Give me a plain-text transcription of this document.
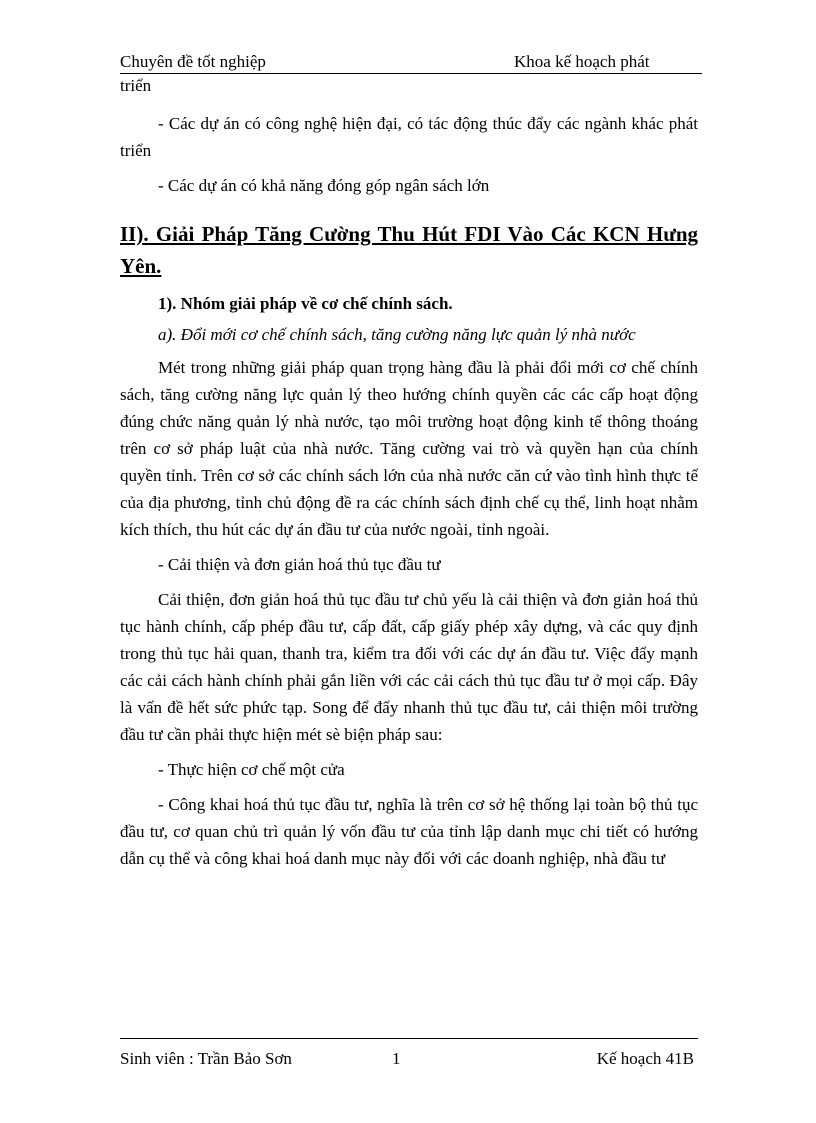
Chuyên đề tốt nghiệp	Khoa kế hoạch phát
triển
- Các dự án có công nghệ hiện đại, có tác động thúc đẩy các ngành khác phát triển
- Các dự án có khả năng đóng góp ngân sách lớn
II). Giải Pháp Tăng Cường Thu Hút FDI Vào Các KCN Hưng Yên.
1). Nhóm giải pháp về cơ chế chính sách.
a). Đổi mới cơ chế chính sách, tăng cường năng lực quản lý nhà nước
Mét trong những giải pháp quan trọng hàng đầu là phải đổi mới cơ chế chính sách, tăng cường năng lực quản lý theo hướng chính quyền các các cấp hoạt động đúng chức năng quản lý nhà nước, tạo môi trường hoạt động kinh tế thông thoáng trên cơ sở pháp luật của nhà nước. Tăng cường vai trò và quyền hạn của chính quyền tỉnh. Trên cơ sở các chính sách lớn của nhà nước căn cứ vào tình hình thực tế của địa phương, tỉnh chủ động đề ra các chính sách định chế cụ thể, linh hoạt nhằm kích thích, thu hút các dự án đầu tư của nước ngoài, tỉnh ngoài.
- Cải thiện và đơn giản hoá thủ tục đầu tư
Cải thiện, đơn giản hoá thủ tục đầu tư chủ yếu là cải thiện và đơn giản hoá thủ tục hành chính, cấp phép đầu tư, cấp đất, cấp giấy phép xây dựng, và các quy định trong thủ tục hải quan, thanh tra, kiểm tra đối với các dự án đầu tư. Việc đẩy mạnh các cải cách hành chính phải gắn liền với các cải cách thủ tục đầu tư ở mọi cấp. Đây là vấn đề hết sức phức tạp. Song để đẩy nhanh thủ tục đầu tư, cải thiện môi trường đầu tư cần phải thực hiện mét sè biện pháp sau:
- Thực hiện cơ chế một cửa
- Công khai hoá thủ tục đầu tư, nghĩa là trên cơ sở hệ thống lại toàn bộ thủ tục đầu tư, cơ quan chủ trì quản lý vốn đầu tư của tỉnh lập danh mục chi tiết có hướng dẫn cụ thể và công khai hoá danh mục này đối với các doanh nghiệp, nhà đầu tư
Sinh viên : Trần Bảo Sơn	1	Kế hoạch 41B
